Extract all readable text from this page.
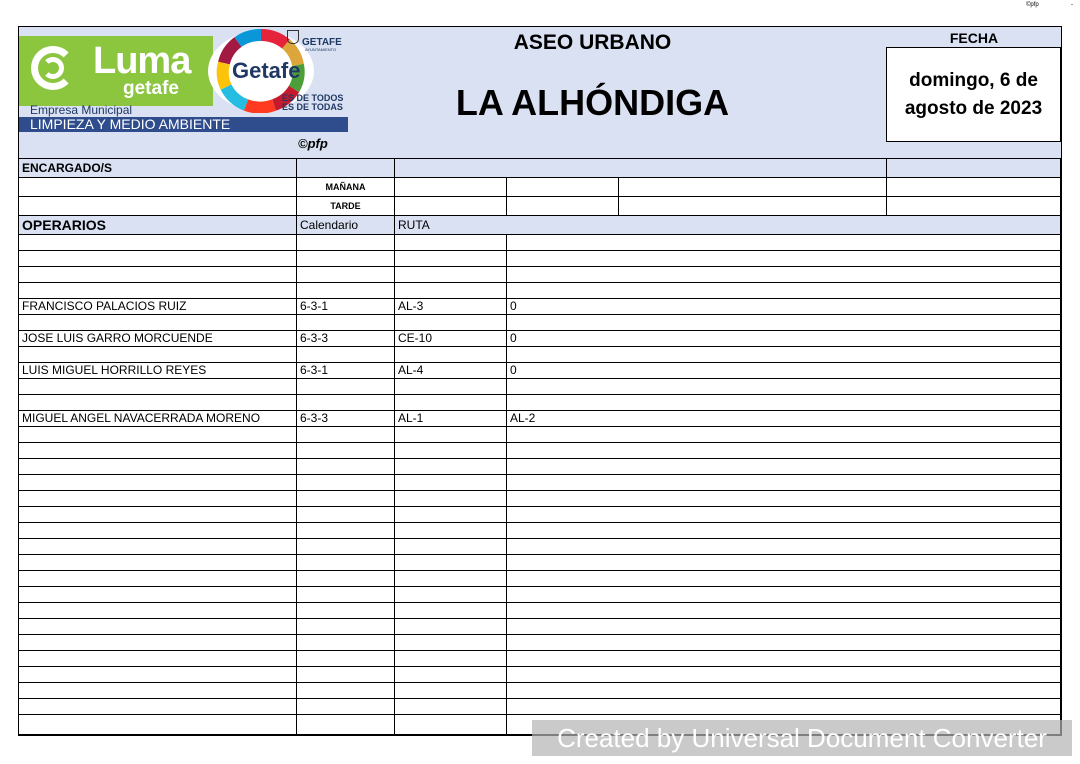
©pfp	-
Luma
getafe
Empresa Municipal
LIMPIEZA Y MEDIO AMBIENTE
Getafe
GETAFE
AYUNTAMIENTO
ES DE TODOS
ES DE TODAS
©pfp
ASEO URBANO
LA ALHÓNDIGA
FECHA
domingo, 6 de agosto de 2023
ENCARGADO/S
MAÑANA
TARDE
OPERARIOS	Calendario	RUTA
FRANCISCO PALACIOS RUIZ	6-3-1	AL-3	0
JOSE LUIS GARRO MORCUENDE	6-3-3	CE-10	0
LUIS MIGUEL HORRILLO REYES	6-3-1	AL-4	0
MIGUEL ANGEL NAVACERRADA MORENO	6-3-3	AL-1	AL-2
Created by Universal Document Converter
